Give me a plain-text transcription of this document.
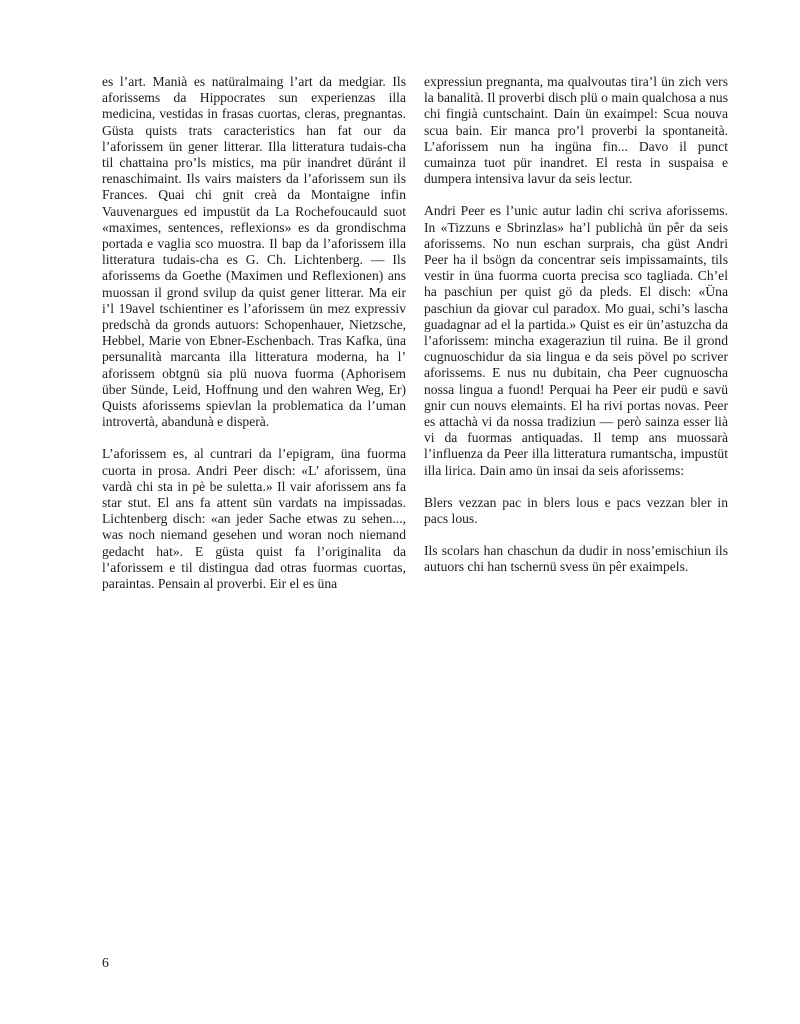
es l’art. Manià es natüralmaing l’art da medgiar. Ils aforissems da Hippocrates sun experienzas illa medicina, vestidas in frasas cuortas, cleras, pregnantas. Güsta quists trats caracteristics han fat our da l’aforissem ün gener litterar. Illa litteratura tudais-cha til chattaina pro’ls mistics, ma pür inandret düránt il renaschimaint. Ils vairs maisters da l’aforissem sun ils Frances. Quai chi gnit creà da Montaigne infin Vauvenargues ed impustüt da La Rochefoucauld suot «maximes, sentences, reflexions» es da grondischma portada e vaglia sco muostra. Il bap da l’aforissem illa litteratura tudais-cha es G. Ch. Lichtenberg. — Ils aforissems da Goethe (Maximen und Reflexionen) ans muossan il grond svilup da quist gener litterar. Ma eir i’l 19avel tschientiner es l’aforissem ün mez expressiv predschà da gronds autuors: Schopenhauer, Nietzsche, Hebbel, Marie von Ebner-Eschenbach. Tras Kafka, üna persunalità marcanta illa litteratura moderna, ha l’ aforissem obtgnü sia plü nuova fuorma (Aphorisem über Sünde, Leid, Hoffnung und den wahren Weg, Er) Quists aforissems spievlan la problematica da l’uman introvertà, abandunà e disperà.

L’aforissem es, al cuntrari da l’epigram, üna fuorma cuorta in prosa. Andri Peer disch: «L’ aforissem, üna vardà chi sta in pè be suletta.» Il vair aforissem ans fa star stut. El ans fa attent sün vardats na impissadas. Lichtenberg disch: «an jeder Sache etwas zu sehen..., was noch niemand gesehen und woran noch niemand gedacht hat». E güsta quist fa l’originalita da l’aforissem e til distingua dad otras fuormas cuortas, paraintas. Pensain al proverbi. Eir el es üna

expressiun pregnanta, ma qualvoutas tira’l ün zich vers la banalità. Il proverbi disch plü o main qualchosa a nus chi fingià cuntschaint. Dain ün exaimpel: Scua nouva scua bain. Eir manca pro’l proverbi la spontaneità. L’aforissem nun ha ingüna fin... Davo il punct cumainza tuot pür inandret. El resta in suspaisa e dumpera intensiva lavur da seis lectur.

Andri Peer es l’unic autur ladin chi scriva aforissems. In «Tizzuns e Sbrinzlas» ha’l publichà ün pêr da seis aforissems. No nun eschan surprais, cha güst Andri Peer ha il bsögn da concentrar seis impissamaints, tils vestir in üna fuorma cuorta precisa sco tagliada. Ch’el ha paschiun per quist gö da pleds. El disch: «Üna paschiun da giovar cul paradox. Mo guai, schi’s lascha guadagnar ad el la partida.» Quist es eir ün’astuzcha da l’aforissem: mincha exageraziun til ruina. Be il grond cugnuoschidur da sia lingua e da seis pövel po scriver aforissems. E nus nu dubitain, cha Peer cugnuoscha nossa lingua a fuond! Perquai ha Peer eir pudü e savü gnir cun nouvs elemaints. El ha rivi portas novas. Peer es attachà vi da nossa tradiziun — però sainza esser lià vi da fuormas antiquadas. Il temp ans muossarà l’influenza da Peer illa litteratura rumantscha, impustüt illa lirica. Dain amo ün insai da seis aforissems:

Blers vezzan pac in blers lous e pacs vezzan bler in pacs lous.

Ils scolars han chaschun da dudir in noss’emischiun ils autuors chi han tschernü svess ün pêr exaimpels.

6
